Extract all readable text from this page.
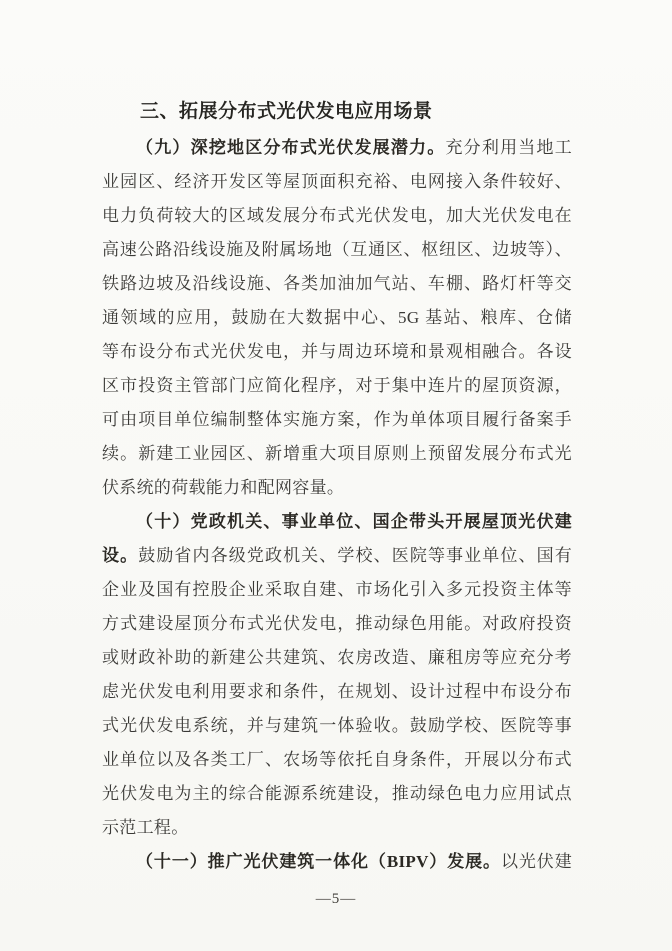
三、拓展分布式光伏发电应用场景
（九）深挖地区分布式光伏发展潜力。充分利用当地工
业园区、经济开发区等屋顶面积充裕、电网接入条件较好、
电力负荷较大的区域发展分布式光伏发电，加大光伏发电在
高速公路沿线设施及附属场地（互通区、枢纽区、边坡等）、
铁路边坡及沿线设施、各类加油加气站、车棚、路灯杆等交
通领域的应用，鼓励在大数据中心、5G 基站、粮库、仓储
等布设分布式光伏发电，并与周边环境和景观相融合。各设
区市投资主管部门应简化程序，对于集中连片的屋顶资源，
可由项目单位编制整体实施方案，作为单体项目履行备案手
续。新建工业园区、新增重大项目原则上预留发展分布式光
伏系统的荷载能力和配网容量。
（十）党政机关、事业单位、国企带头开展屋顶光伏建
设。鼓励省内各级党政机关、学校、医院等事业单位、国有
企业及国有控股企业采取自建、市场化引入多元投资主体等
方式建设屋顶分布式光伏发电，推动绿色用能。对政府投资
或财政补助的新建公共建筑、农房改造、廉租房等应充分考
虑光伏发电利用要求和条件，在规划、设计过程中布设分布
式光伏发电系统，并与建筑一体验收。鼓励学校、医院等事
业单位以及各类工厂、农场等依托自身条件，开展以分布式
光伏发电为主的综合能源系统建设，推动绿色电力应用试点
示范工程。
（十一）推广光伏建筑一体化（BIPV）发展。以光伏建
—5—
